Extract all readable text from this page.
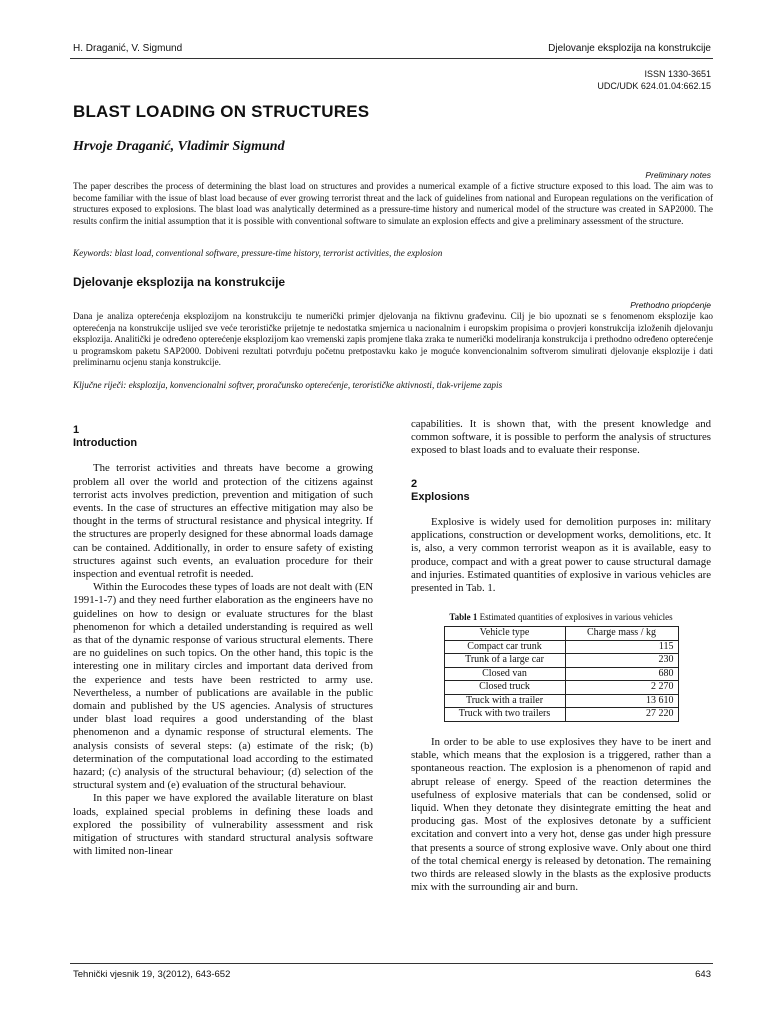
H. Draganić, V. Sigmund	Djelovanje eksplozija na konstrukcije
ISSN 1330-3651
UDC/UDK 624.01.04:662.15
BLAST LOADING ON STRUCTURES
Hrvoje Draganić, Vladimir Sigmund
Preliminary notes
The paper describes the process of determining the blast load on structures and provides a numerical example of a fictive structure exposed to this load. The aim was to become familiar with the issue of blast load because of ever growing terrorist threat and the lack of guidelines from national and European regulations on the verification of structures exposed to explosions. The blast load was analytically determined as a pressure-time history and numerical model of the structure was created in SAP2000. The results confirm the initial assumption that it is possible with conventional software to simulate an explosion effects and give a preliminary assessment of the structure.
Keywords: blast load, conventional software, pressure-time history, terrorist activities, the explosion
Djelovanje eksplozija na konstrukcije
Prethodno priopćenje
Dana je analiza opterećenja eksplozijom na konstrukciju te numerički primjer djelovanja na fiktivnu građevinu. Cilj je bio upoznati se s fenomenom eksplozije kao opterećenja na konstrukcije uslijed sve veće terorističke prijetnje te nedostatka smjernica u nacionalnim i europskim propisima o provjeri konstrukcija izloženih djelovanju eksplozija. Analitički je određeno opterećenje eksplozijom kao vremenski zapis promjene tlaka zraka te numerički modeliranja konstrukcija i prethodno određeno opterećenje u programskom paketu SAP2000. Dobiveni rezultati potvrđuju početnu pretpostavku kako je moguće konvencionalnim softverom simulirati djelovanje eksplozije i dati preliminarnu ocjenu stanja konstrukcije.
Ključne riječi: eksplozija, konvencionalni softver, proračunsko opterećenje, terorističke aktivnosti, tlak-vrijeme zapis
1
Introduction

The terrorist activities and threats have become a growing problem all over the world and protection of the citizens against terrorist acts involves prediction, prevention and mitigation of such events. In the case of structures an effective mitigation may also be thought in the terms of structural resistance and physical integrity. If the structures are properly designed for these abnormal loads damage can be contained. Additionally, in order to ensure safety of existing structures against such events, an evaluation procedure for their inspection and eventual retrofit is needed.

Within the Eurocodes these types of loads are not dealt with (EN 1991-1-7) and they need further elaboration as the engineers have no guidelines on how to design or evaluate structures for the blast phenomenon for which a detailed understanding is required as well as that of the dynamic response of various structural elements. There are no guidelines on such topics. On the other hand, this topic is the interesting one in military circles and important data derived from the experience and tests have been restricted to army use. Nevertheless, a number of publications are available in the public domain and published by the US agencies. Analysis of structures under blast load requires a good understanding of the blast phenomenon and a dynamic response of structural elements. The analysis consists of several steps: (a) estimate of the risk; (b) determination of the computational load according to the estimated hazard; (c) analysis of the structural behaviour; (d) selection of the structural system and (e) evaluation of the structural behaviour.

In this paper we have explored the available literature on blast loads, explained special problems in defining these loads and explored the possibility of vulnerability assessment and risk mitigation of structures with standard structural analysis software with limited non-linear

capabilities. It is shown that, with the present knowledge and common software, it is possible to perform the analysis of structures exposed to blast loads and to evaluate their response.

2
Explosions

Explosive is widely used for demolition purposes in: military applications, construction or development works, demolitions, etc. It is, also, a very common terrorist weapon as it is available, easy to produce, compact and with a great power to cause structural damage and injuries. Estimated quantities of explosive in various vehicles are presented in Tab. 1.

Table 1 Estimated quantities of explosives in various vehicles
Vehicle type	Charge mass / kg
Compact car trunk	115
Trunk of a large car	230
Closed van	680
Closed truck	2 270
Truck with a trailer	13 610
Truck with two trailers	27 220

In order to be able to use explosives they have to be inert and stable, which means that the explosion is a triggered, rather than a spontaneous reaction. The explosion is a phenomenon of rapid and abrupt release of energy. Speed of the reaction determines the usefulness of explosive materials that can be condensed, solid or liquid. When they detonate they disintegrate emitting the heat and producing gas. Most of the explosives detonate by a sufficient excitation and convert into a very hot, dense gas under high pressure that presents a source of strong explosive wave. Only about one third of the total chemical energy is released by detonation. The remaining two thirds are released slowly in the blasts as the explosive products mix with the surrounding air and burn.

Tehnički vjesnik 19, 3(2012), 643-652	643
